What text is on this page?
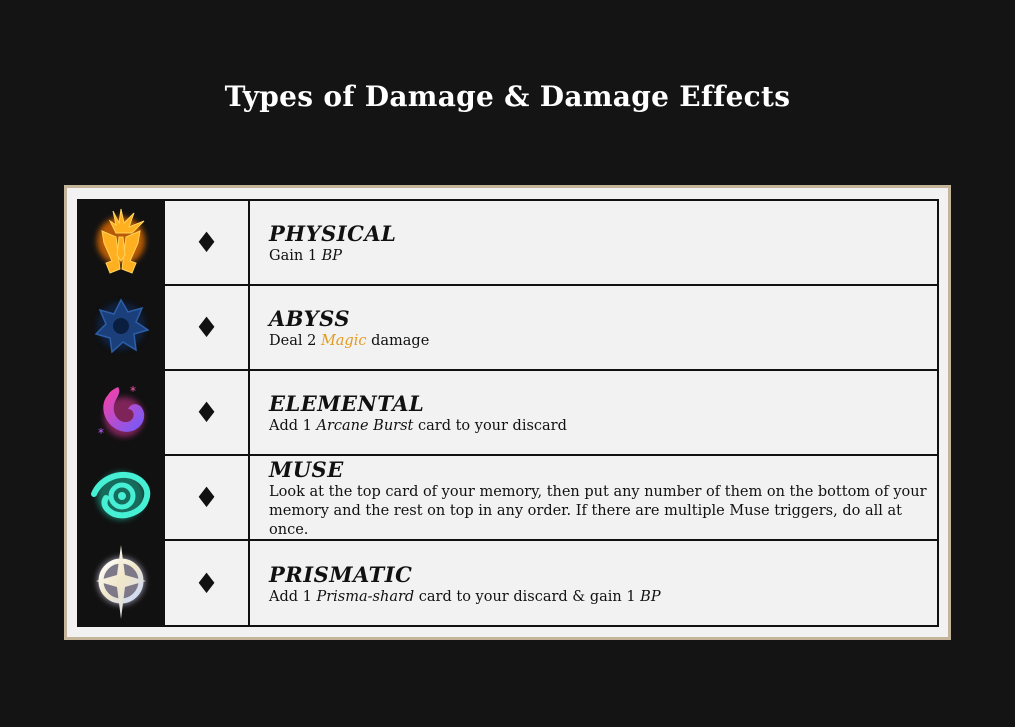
Types of Damage & Damage Effects
♦	PHYSICAL
Gain 1 BP
♦	ABYSS
Deal 2 Magic damage
*
*
♦	ELEMENTAL
Add 1 Arcane Burst card to your discard
♦
MUSE
Look at the top card of your memory, then put any number of them on the bottom of your memory and the rest on top in any order. If there are multiple Muse triggers, do all at once.
♦	PRISMATIC
Add 1 Prisma-shard card to your discard & gain 1 BP
